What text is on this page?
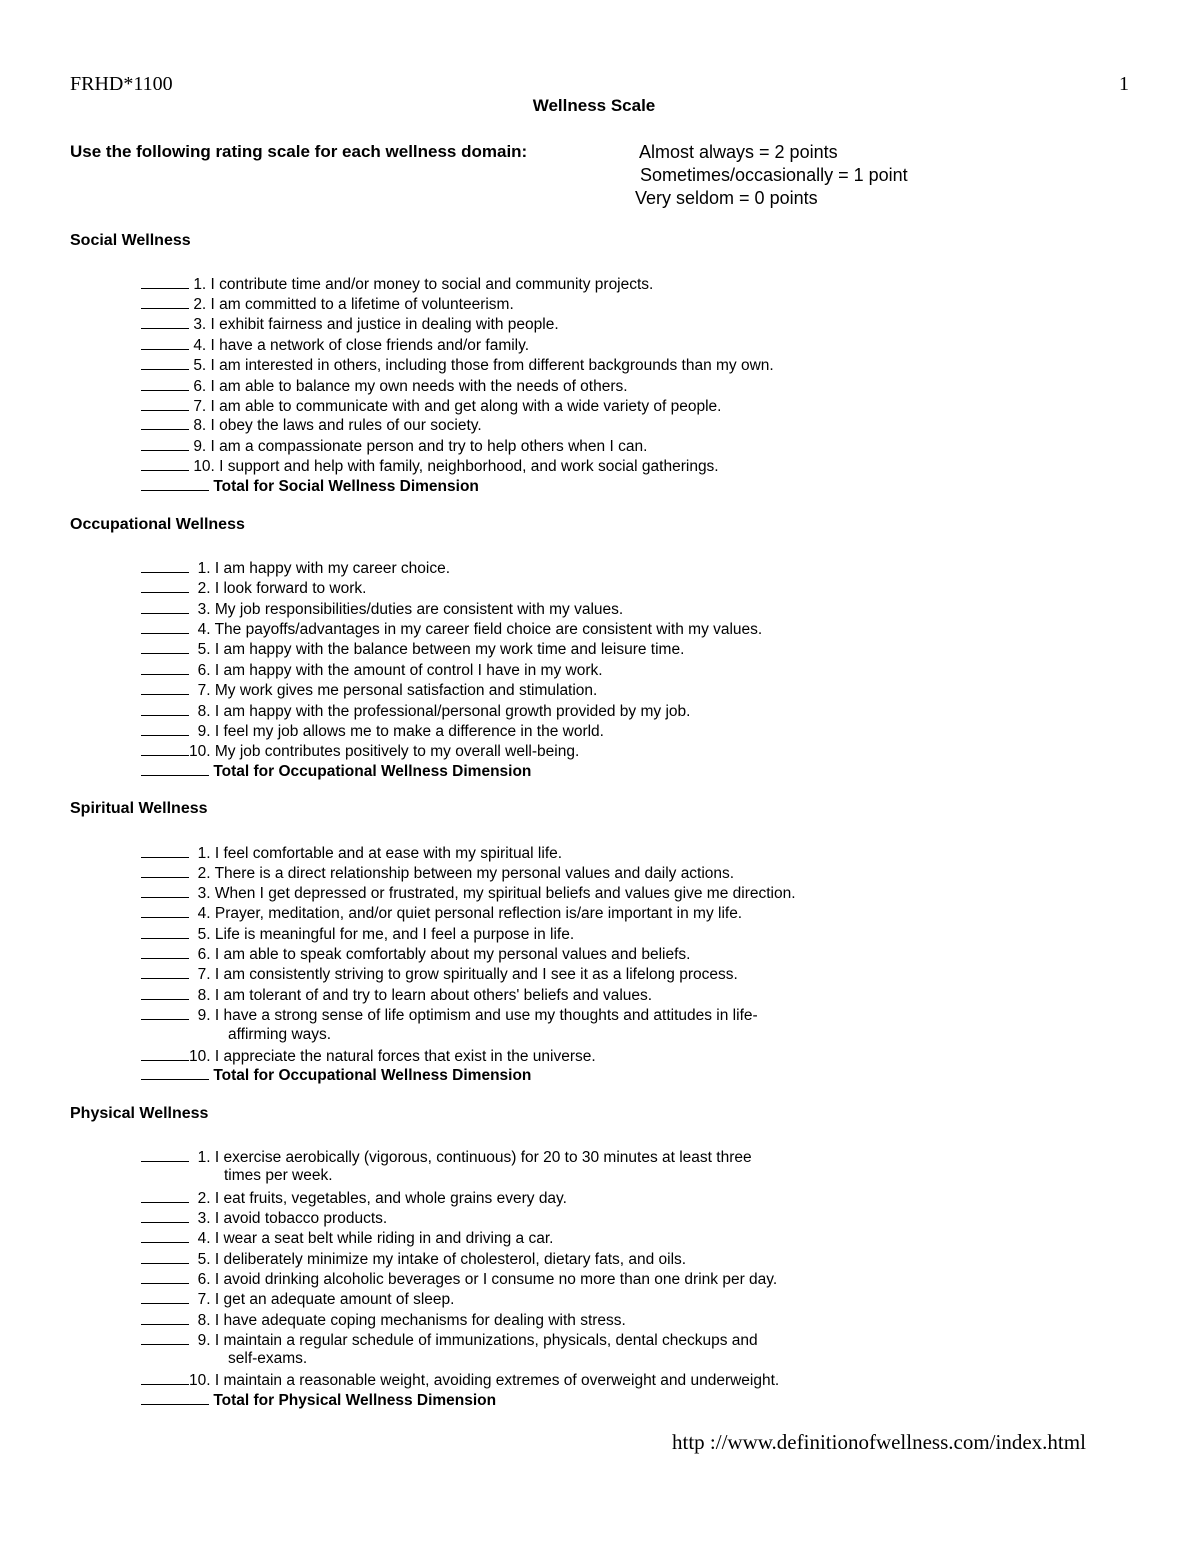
FRHD*1100	1
Wellness Scale
Use the following rating scale for each wellness domain:	Almost always = 2 points
Sometimes/occasionally = 1 point
Very seldom = 0 points
Social Wellness
1. I contribute time and/or money to social and community projects.
2. I am committed to a lifetime of volunteerism.
3. I exhibit fairness and justice in dealing with people.
4. I have a network of close friends and/or family.
5. I am interested in others, including those from different backgrounds than my own.
6. I am able to balance my own needs with the needs of others.
7. I am able to communicate with and get along with a wide variety of people.
8. I obey the laws and rules of our society.
9. I am a compassionate person and try to help others when I can.
10. I support and help with family, neighborhood, and work social gatherings.
Total for Social Wellness Dimension
Occupational Wellness
1. I am happy with my career choice.
2. I look forward to work.
3. My job responsibilities/duties are consistent with my values.
4. The payoffs/advantages in my career field choice are consistent with my values.
5. I am happy with the balance between my work time and leisure time.
6. I am happy with the amount of control I have in my work.
7. My work gives me personal satisfaction and stimulation.
8. I am happy with the professional/personal growth provided by my job.
9. I feel my job allows me to make a difference in the world.
10. My job contributes positively to my overall well-being.
Total for Occupational Wellness Dimension
Spiritual Wellness
1. I feel comfortable and at ease with my spiritual life.
2. There is a direct relationship between my personal values and daily actions.
3. When I get depressed or frustrated, my spiritual beliefs and values give me direction.
4. Prayer, meditation, and/or quiet personal reflection is/are important in my life.
5. Life is meaningful for me, and I feel a purpose in life.
6. I am able to speak comfortably about my personal values and beliefs.
7. I am consistently striving to grow spiritually and I see it as a lifelong process.
8. I am tolerant of and try to learn about others' beliefs and values.
9. I have a strong sense of life optimism and use my thoughts and attitudes in life-
affirming ways.
10. I appreciate the natural forces that exist in the universe.
Total for Occupational Wellness Dimension
Physical Wellness
1. I exercise aerobically (vigorous, continuous) for 20 to 30 minutes at least three
times per week.
2. I eat fruits, vegetables, and whole grains every day.
3. I avoid tobacco products.
4. I wear a seat belt while riding in and driving a car.
5. I deliberately minimize my intake of cholesterol, dietary fats, and oils.
6. I avoid drinking alcoholic beverages or I consume no more than one drink per day.
7. I get an adequate amount of sleep.
8. I have adequate coping mechanisms for dealing with stress.
9. I maintain a regular schedule of immunizations, physicals, dental checkups and
self-exams.
10. I maintain a reasonable weight, avoiding extremes of overweight and underweight.
Total for Physical Wellness Dimension
http ://www.definitionofwellness.com/index.html
